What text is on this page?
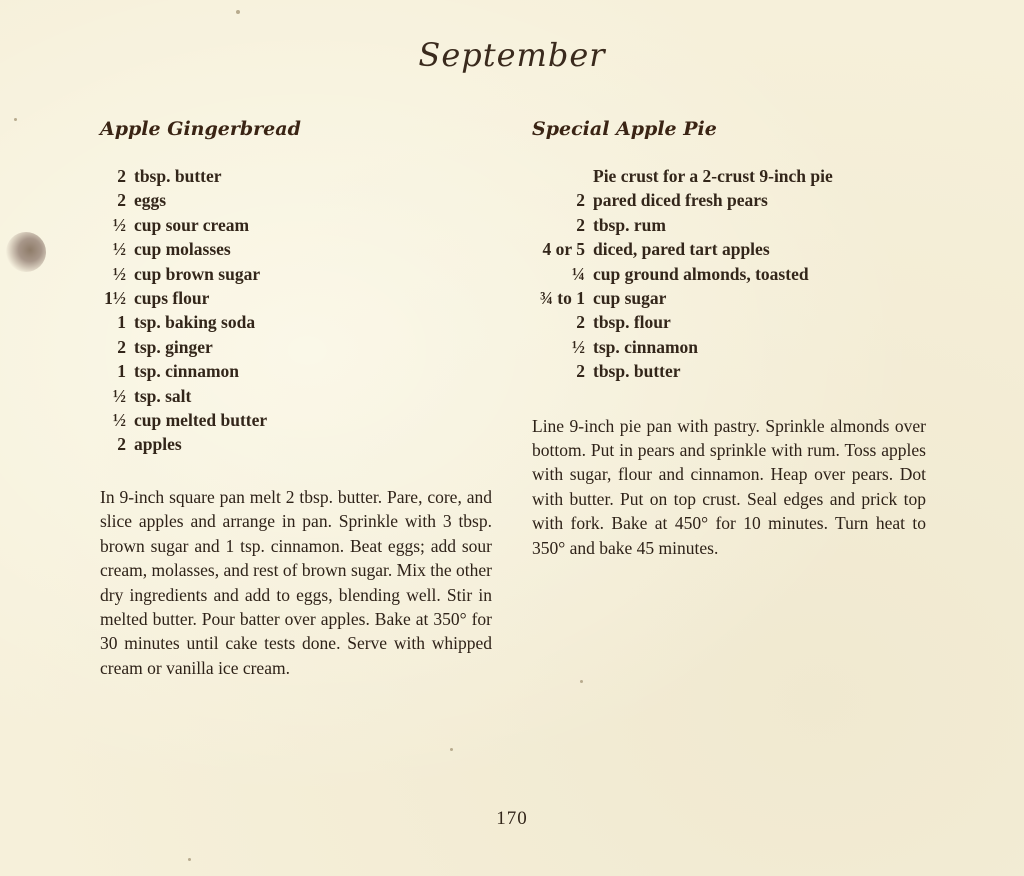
September
Apple Gingerbread
2 tbsp. butter
2 eggs
½ cup sour cream
½ cup molasses
½ cup brown sugar
1½ cups flour
1 tsp. baking soda
2 tsp. ginger
1 tsp. cinnamon
½ tsp. salt
½ cup melted butter
2 apples

In 9-inch square pan melt 2 tbsp. butter. Pare, core, and slice apples and arrange in pan. Sprinkle with 3 tbsp. brown sugar and 1 tsp. cinnamon. Beat eggs; add sour cream, molasses, and rest of brown sugar. Mix the other dry ingredients and add to eggs, blending well. Stir in melted butter. Pour batter over apples. Bake at 350° for 30 minutes until cake tests done. Serve with whipped cream or vanilla ice cream.

Special Apple Pie
Pie crust for a 2-crust 9-inch pie
2 pared diced fresh pears
2 tbsp. rum
4 or 5 diced, pared tart apples
¼ cup ground almonds, toasted
¾ to 1 cup sugar
2 tbsp. flour
½ tsp. cinnamon
2 tbsp. butter

Line 9-inch pie pan with pastry. Sprinkle almonds over bottom. Put in pears and sprinkle with rum. Toss apples with sugar, flour and cinnamon. Heap over pears. Dot with butter. Put on top crust. Seal edges and prick top with fork. Bake at 450° for 10 minutes. Turn heat to 350° and bake 45 minutes.

170
